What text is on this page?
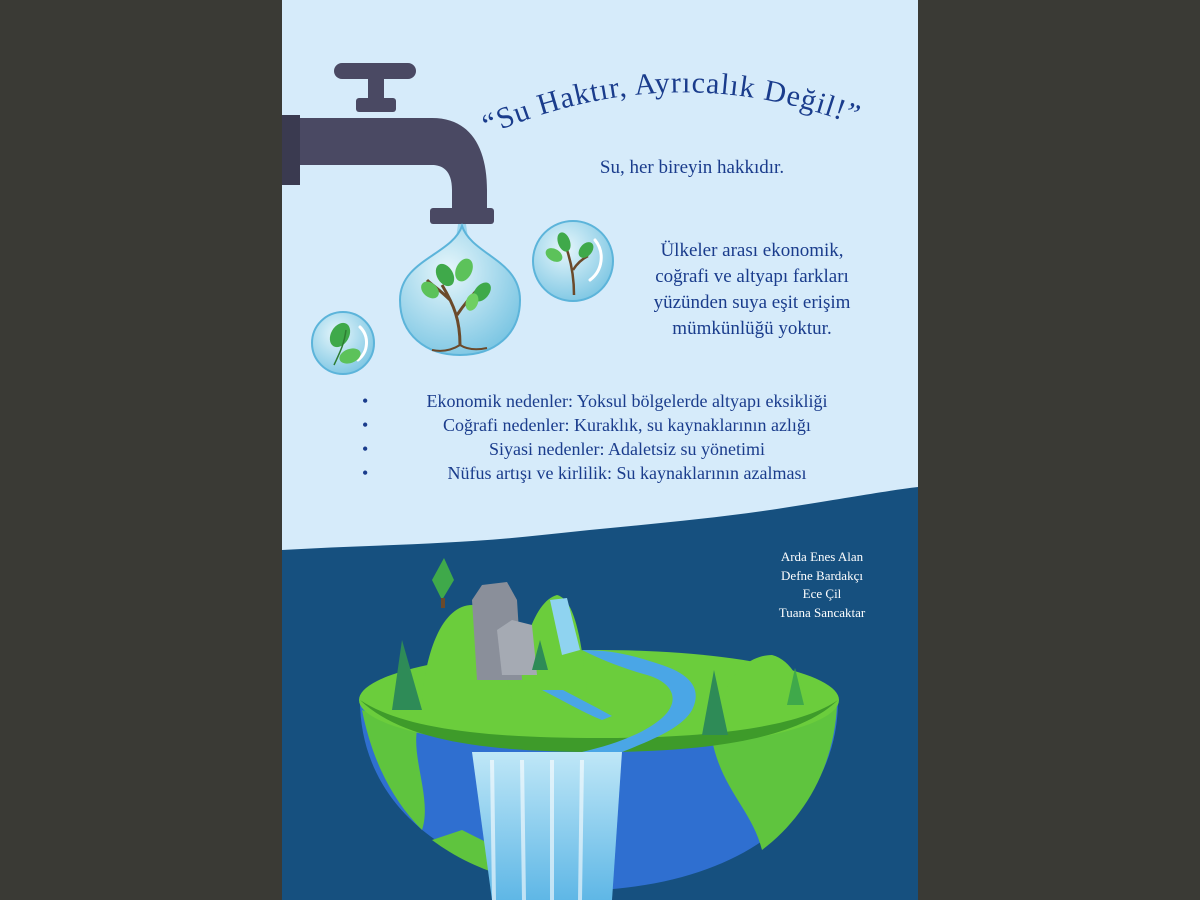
“Su Haktır, Ayrıcalık Değil!”
Su, her bireyin hakkıdır.
Ülkeler arası ekonomik,
coğrafi ve altyapı farkları
yüzünden suya eşit erişim
mümkünlüğü yoktur.
•	Ekonomik nedenler: Yoksul bölgelerde altyapı eksikliği
•	Coğrafi nedenler: Kuraklık, su kaynaklarının azlığı
•	Siyasi nedenler: Adaletsiz su yönetimi
•	Nüfus artışı ve kirlilik: Su kaynaklarının azalması
Arda Enes Alan
Defne Bardakçı
Ece Çil
Tuana Sancaktar
